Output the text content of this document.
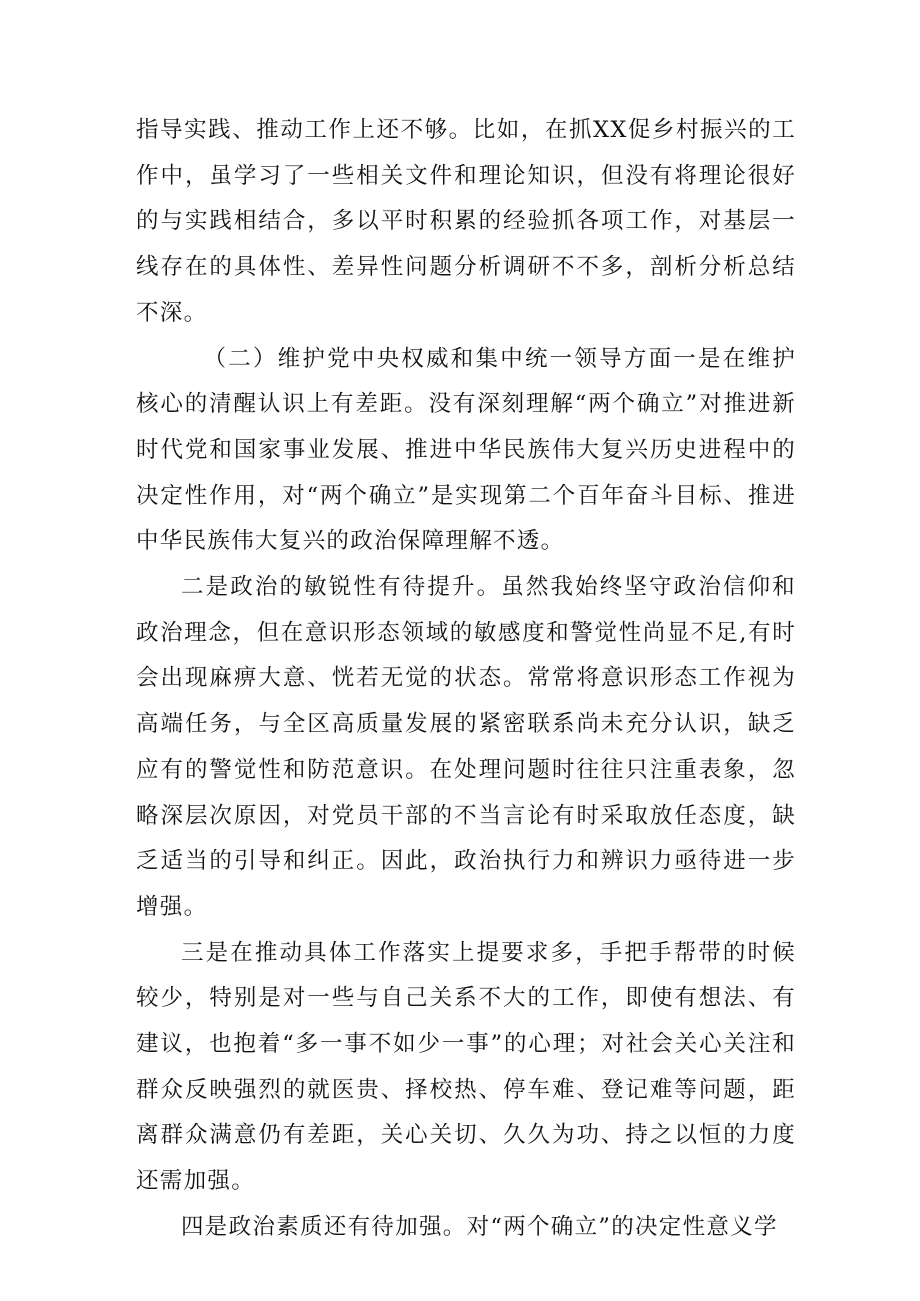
指导实践、推动工作上还不够。比如，在抓XX促乡村振兴的工作中，虽学习了一些相关文件和理论知识，但没有将理论很好的与实践相结合，多以平时积累的经验抓各项工作，对基层一线存在的具体性、差异性问题分析调研不不多，剖析分析总结不深。

（二）维护党中央权威和集中统一领导方面一是在维护核心的清醒认识上有差距。没有深刻理解“两个确立”对推进新时代党和国家事业发展、推进中华民族伟大复兴历史进程中的决定性作用，对“两个确立”是实现第二个百年奋斗目标、推进中华民族伟大复兴的政治保障理解不透。

二是政治的敏锐性有待提升。虽然我始终坚守政治信仰和政治理念，但在意识形态领域的敏感度和警觉性尚显不足,有时会出现麻痹大意、恍若无觉的状态。常常将意识形态工作视为高端任务，与全区高质量发展的紧密联系尚未充分认识，缺乏应有的警觉性和防范意识。在处理问题时往往只注重表象，忽略深层次原因，对党员干部的不当言论有时采取放任态度，缺乏适当的引导和纠正。因此，政治执行力和辨识力亟待进一步增强。

三是在推动具体工作落实上提要求多，手把手帮带的时候较少，特别是对一些与自己关系不大的工作，即使有想法、有建议，也抱着“多一事不如少一事”的心理；对社会关心关注和群众反映强烈的就医贵、择校热、停车难、登记难等问题，距离群众满意仍有差距，关心关切、久久为功、持之以恒的力度还需加强。

四是政治素质还有待加强。对“两个确立”的决定性意义学
